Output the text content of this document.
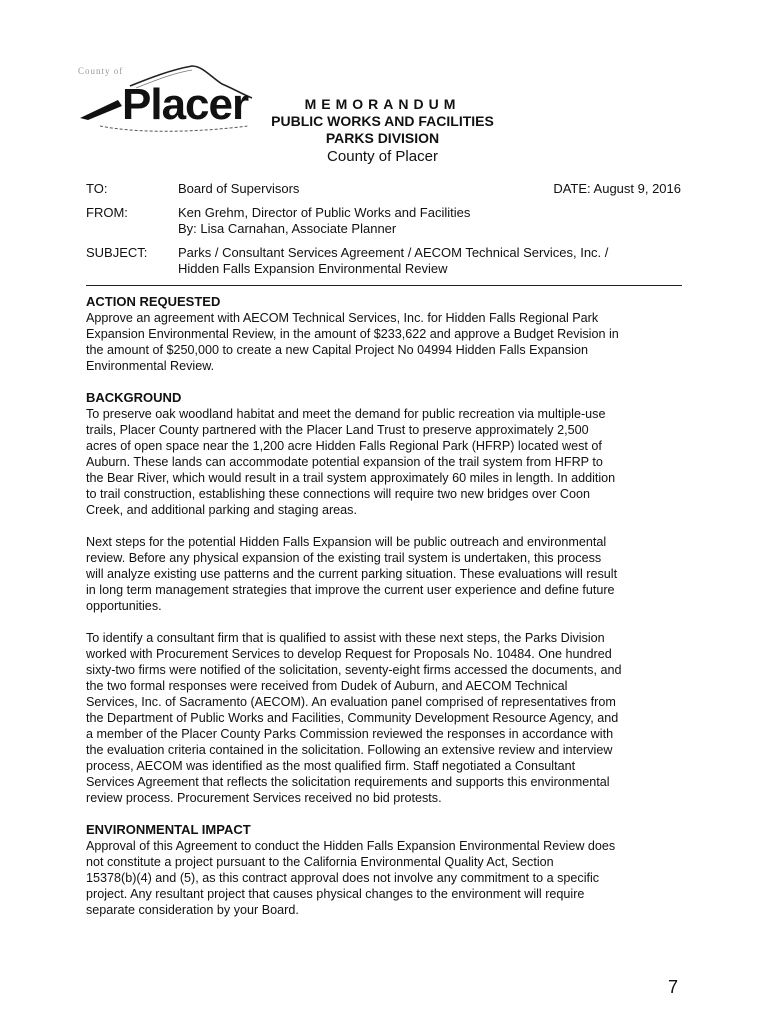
County of
Placer	MEMORANDUM
PUBLIC WORKS AND FACILITIES
PARKS DIVISION
County of Placer
TO:	Board of Supervisors	DATE: August 9, 2016
FROM:	Ken Grehm, Director of Public Works and Facilities
By: Lisa Carnahan, Associate Planner
SUBJECT: Parks / Consultant Services Agreement / AECOM Technical Services, Inc. /
Hidden Falls Expansion Environmental Review
ACTION REQUESTED
Approve an agreement with AECOM Technical Services, Inc. for Hidden Falls Regional Park
Expansion Environmental Review, in the amount of $233,622 and approve a Budget Revision in
the amount of $250,000 to create a new Capital Project No 04994 Hidden Falls Expansion
Environmental Review.
BACKGROUND
To preserve oak woodland habitat and meet the demand for public recreation via multiple-use
trails, Placer County partnered with the Placer Land Trust to preserve approximately 2,500
acres of open space near the 1,200 acre Hidden Falls Regional Park (HFRP) located west of
Auburn. These lands can accommodate potential expansion of the trail system from HFRP to
the Bear River, which would result in a trail system approximately 60 miles in length. In addition
to trail construction, establishing these connections will require two new bridges over Coon
Creek, and additional parking and staging areas.
Next steps for the potential Hidden Falls Expansion will be public outreach and environmental
review. Before any physical expansion of the existing trail system is undertaken, this process
will analyze existing use patterns and the current parking situation. These evaluations will result
in long term management strategies that improve the current user experience and define future
opportunities.
To identify a consultant firm that is qualified to assist with these next steps, the Parks Division
worked with Procurement Services to develop Request for Proposals No. 10484. One hundred
sixty-two firms were notified of the solicitation, seventy-eight firms accessed the documents, and
the two formal responses were received from Dudek of Auburn, and AECOM Technical
Services, Inc. of Sacramento (AECOM). An evaluation panel comprised of representatives from
the Department of Public Works and Facilities, Community Development Resource Agency, and
a member of the Placer County Parks Commission reviewed the responses in accordance with
the evaluation criteria contained in the solicitation. Following an extensive review and interview
process, AECOM was identified as the most qualified firm. Staff negotiated a Consultant
Services Agreement that reflects the solicitation requirements and supports this environmental
review process. Procurement Services received no bid protests.
ENVIRONMENTAL IMPACT
Approval of this Agreement to conduct the Hidden Falls Expansion Environmental Review does
not constitute a project pursuant to the California Environmental Quality Act, Section
15378(b)(4) and (5), as this contract approval does not involve any commitment to a specific
project. Any resultant project that causes physical changes to the environment will require
separate consideration by your Board.
7
